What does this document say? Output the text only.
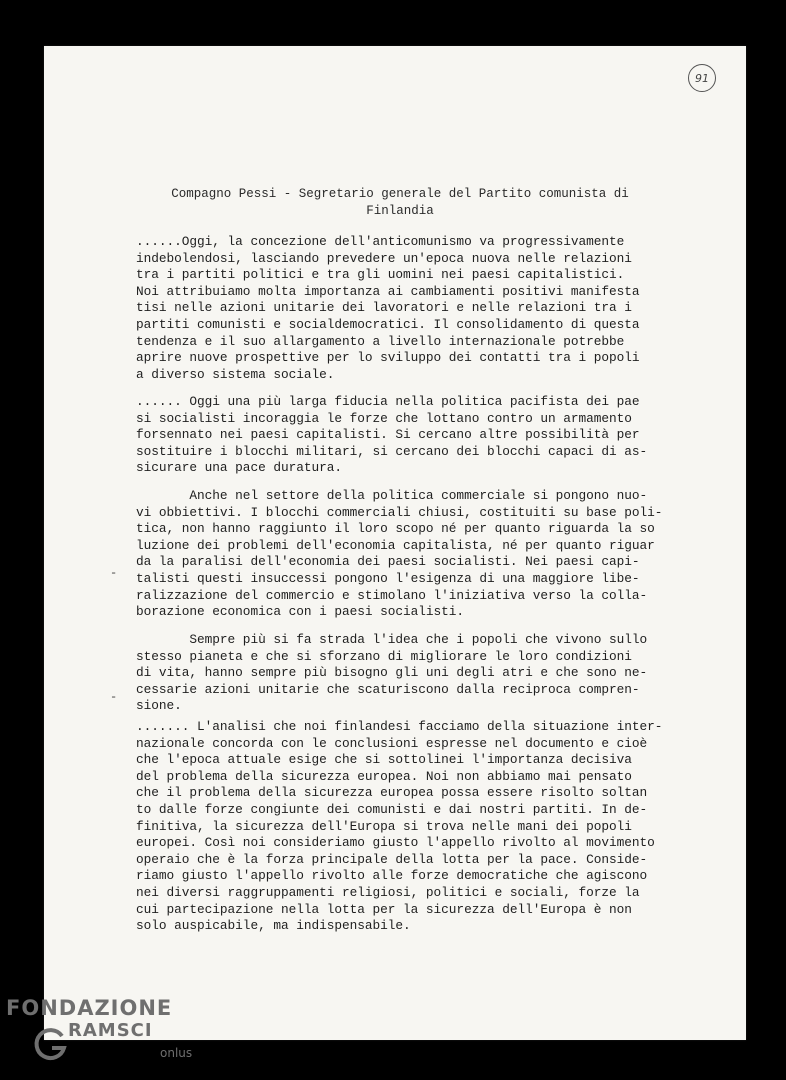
91
Compagno Pessi - Segretario generale del Partito comunista di
Finlandia
......Oggi, la concezione dell'anticomunismo va progressivamente
indebolendosi, lasciando prevedere un'epoca nuova nelle relazioni
tra i partiti politici e tra gli uomini nei paesi capitalistici.
Noi attribuiamo molta importanza ai cambiamenti positivi manifesta
tisi nelle azioni unitarie dei lavoratori e nelle relazioni tra i
partiti comunisti e socialdemocratici. Il consolidamento di questa
tendenza e il suo allargamento a livello internazionale potrebbe
aprire nuove prospettive per lo sviluppo dei contatti tra i popoli
a diverso sistema sociale.
...... Oggi una più larga fiducia nella politica pacifista dei pae
si socialisti incoraggia le forze che lottano contro un armamento
forsennato nei paesi capitalisti. Si cercano altre possibilità per
sostituire i blocchi militari, si cercano dei blocchi capaci di as-
sicurare una pace duratura.
Anche nel settore della politica commerciale si pongono nuo-
vi obbiettivi. I blocchi commerciali chiusi, costituiti su base poli-
tica, non hanno raggiunto il loro scopo né per quanto riguarda la so
luzione dei problemi dell'economia capitalista, né per quanto riguar
da la paralisi dell'economia dei paesi socialisti. Nei paesi capi-
talisti questi insuccessi pongono l'esigenza di una maggiore libe-
ralizzazione del commercio e stimolano l'iniziativa verso la colla-
borazione economica con i paesi socialisti.
Sempre più si fa strada l'idea che i popoli che vivono sullo
stesso pianeta e che si sforzano di migliorare le loro condizioni
di vita, hanno sempre più bisogno gli uni degli atri e che sono ne-
cessarie azioni unitarie che scaturiscono dalla reciproca compren-
sione.
....... L'analisi che noi finlandesi facciamo della situazione inter-
nazionale concorda con le conclusioni espresse nel documento e cioè
che l'epoca attuale esige che si sottolinei l'importanza decisiva
del problema della sicurezza europea. Noi non abbiamo mai pensato
che il problema della sicurezza europea possa essere risolto soltan
to dalle forze congiunte dei comunisti e dai nostri partiti. In de-
finitiva, la sicurezza dell'Europa si trova nelle mani dei popoli
europei. Così noi consideriamo giusto l'appello rivolto al movimento
operaio che è la forza principale della lotta per la pace. Conside-
riamo giusto l'appello rivolto alle forze democratiche che agiscono
nei diversi raggruppamenti religiosi, politici e sociali, forze la
cui partecipazione nella lotta per la sicurezza dell'Europa è non
solo auspicabile, ma indispensabile.
-
-
FONDAZIONE
RAMSCI
onlus
